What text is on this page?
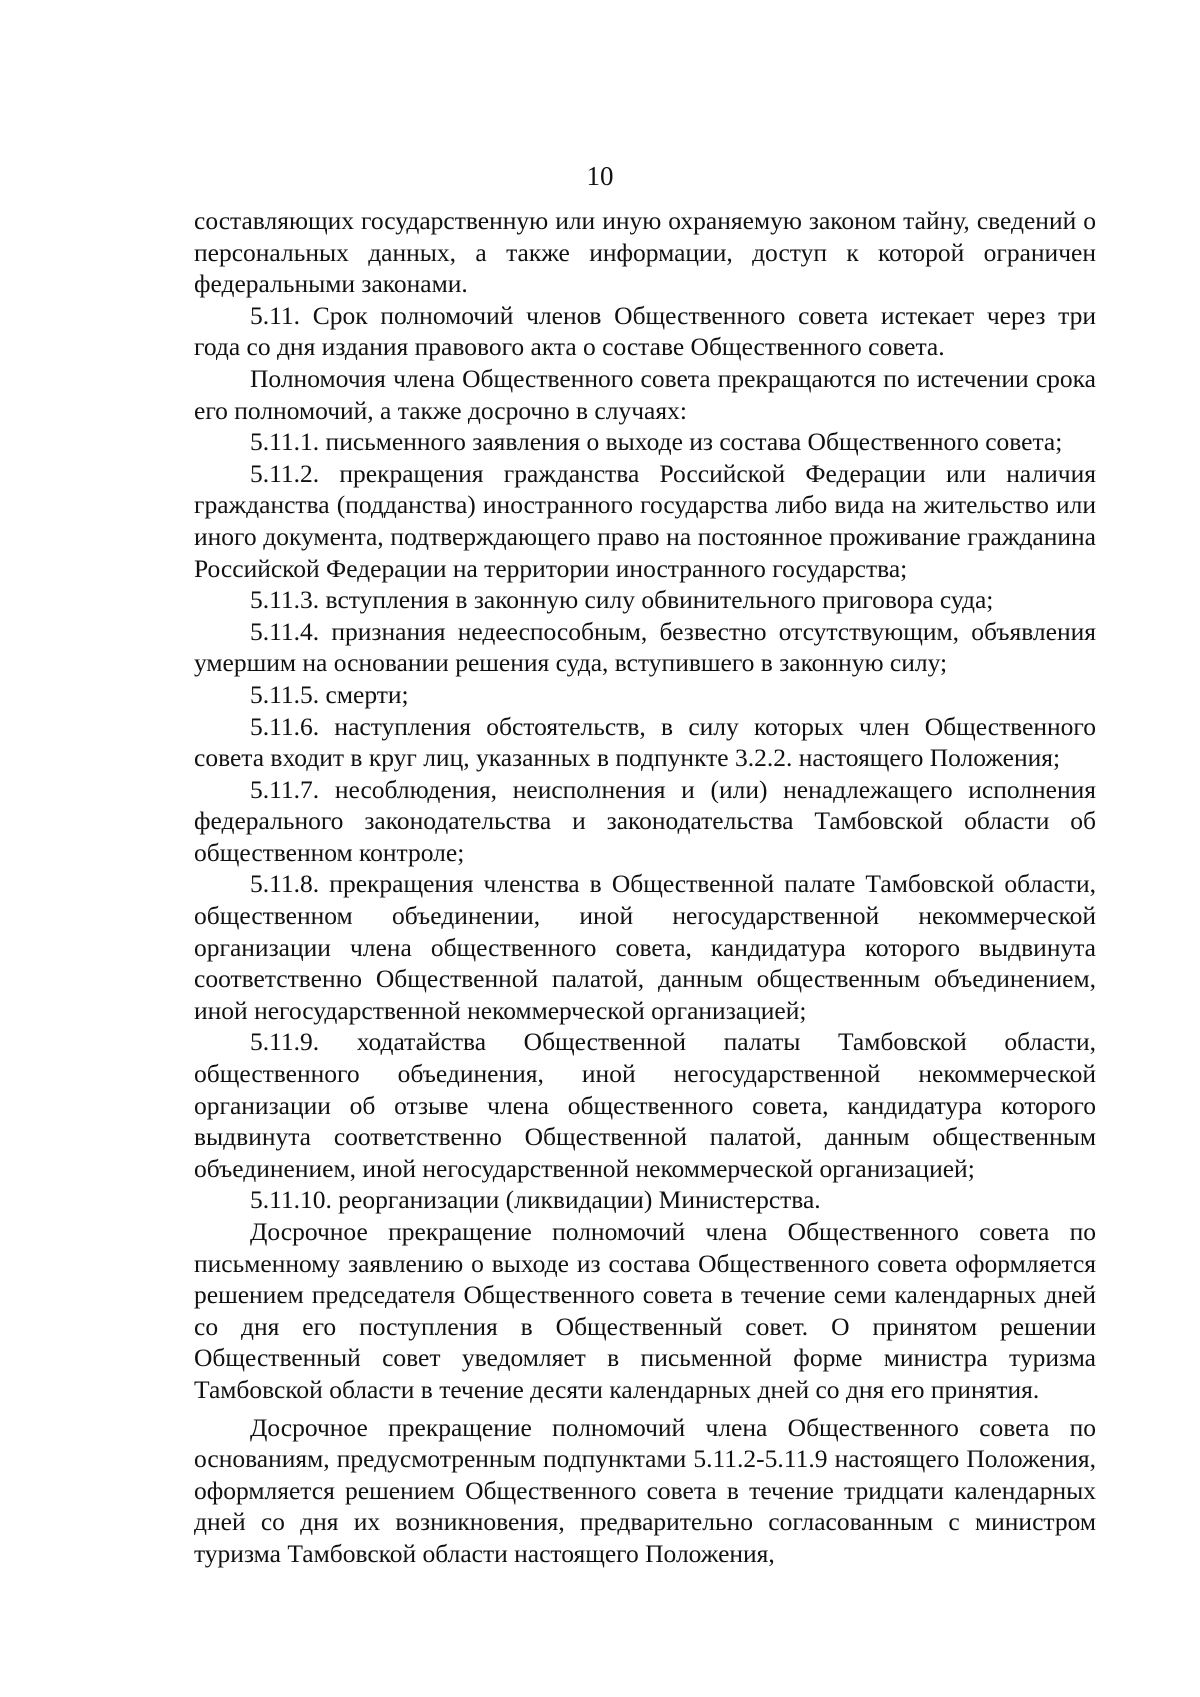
10

составляющих государственную или иную охраняемую законом тайну, сведений о персональных данных, а также информации, доступ к которой ограничен федеральными законами.

5.11. Срок полномочий членов Общественного совета истекает через три года со дня издания правового акта о составе Общественного совета.

Полномочия члена Общественного совета прекращаются по истечении срока его полномочий, а также досрочно в случаях:

5.11.1. письменного заявления о выходе из состава Общественного совета;

5.11.2. прекращения гражданства Российской Федерации или наличия гражданства (подданства) иностранного государства либо вида на жительство или иного документа, подтверждающего право на постоянное проживание гражданина Российской Федерации на территории иностранного государства;

5.11.3. вступления в законную силу обвинительного приговора суда;

5.11.4. признания недееспособным, безвестно отсутствующим, объявления умершим на основании решения суда, вступившего в законную силу;

5.11.5. смерти;

5.11.6. наступления обстоятельств, в силу которых член Общественного совета входит в круг лиц, указанных в подпункте 3.2.2. настоящего Положения;

5.11.7. несоблюдения, неисполнения и (или) ненадлежащего исполнения федерального законодательства и законодательства Тамбовской области об общественном контроле;

5.11.8. прекращения членства в Общественной палате Тамбовской области, общественном объединении, иной негосударственной некоммерческой организации члена общественного совета, кандидатура которого выдвинута соответственно Общественной палатой, данным общественным объединением, иной негосударственной некоммерческой организацией;

5.11.9. ходатайства Общественной палаты Тамбовской области, общественного объединения, иной негосударственной некоммерческой организации об отзыве члена общественного совета, кандидатура которого выдвинута соответственно Общественной палатой, данным общественным объединением, иной негосударственной некоммерческой организацией;

5.11.10. реорганизации (ликвидации) Министерства.

Досрочное прекращение полномочий члена Общественного совета по письменному заявлению о выходе из состава Общественного совета оформляется решением председателя Общественного совета в течение семи календарных дней со дня его поступления в Общественный совет. О принятом решении Общественный совет уведомляет в письменной форме министра туризма Тамбовской области в течение десяти календарных дней со дня его принятия.

Досрочное прекращение полномочий члена Общественного совета по основаниям, предусмотренным подпунктами 5.11.2-5.11.9 настоящего Положения, оформляется решением Общественного совета в течение тридцати календарных дней со дня их возникновения, предварительно согласованным с министром туризма Тамбовской области настоящего Положения,
